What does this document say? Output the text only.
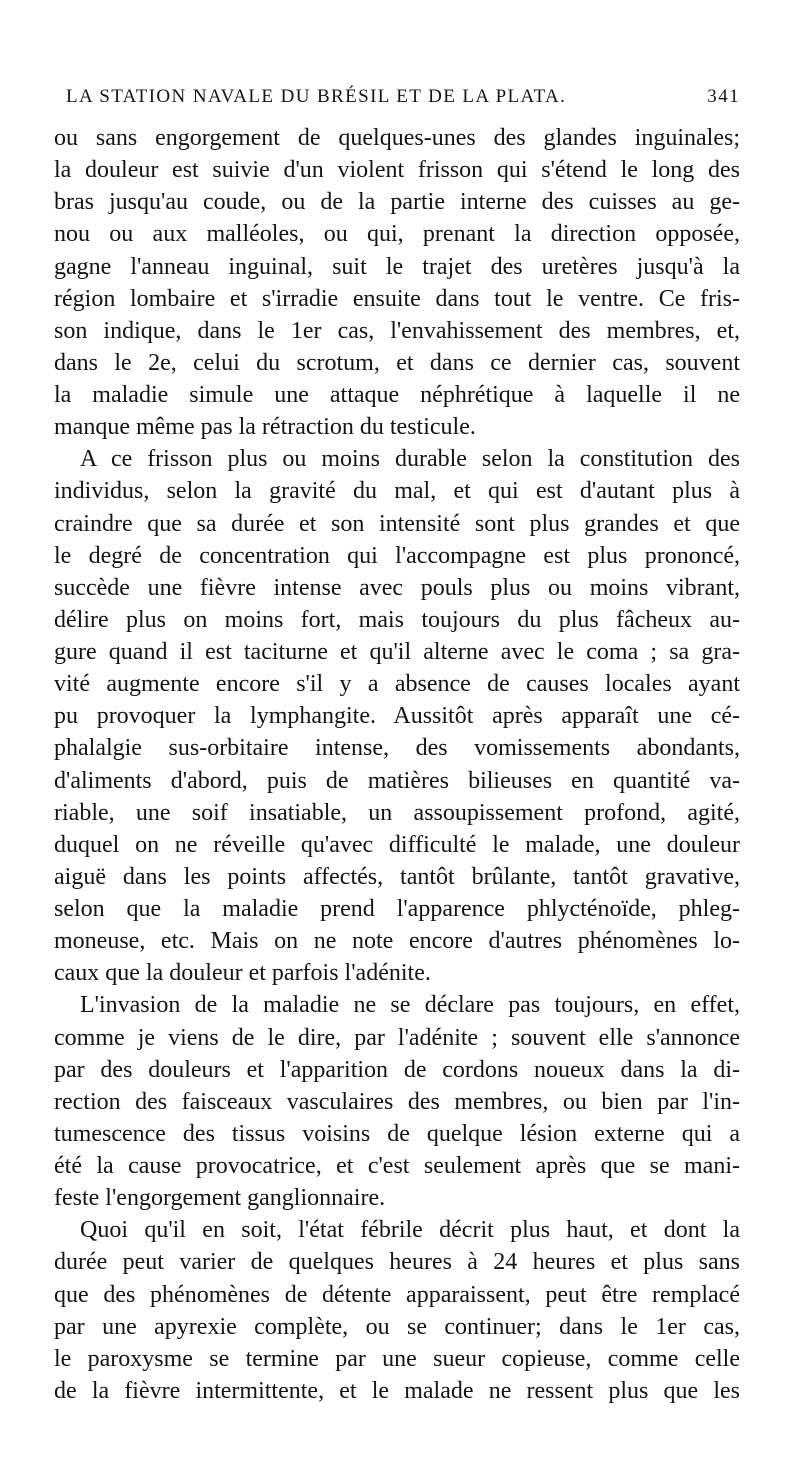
LA STATION NAVALE DU BRÉSIL ET DE LA PLATA.	341
ou sans engorgement de quelques-unes des glandes inguinales;
la douleur est suivie d'un violent frisson qui s'étend le long des
bras jusqu'au coude, ou de la partie interne des cuisses au ge-
nou ou aux malléoles, ou qui, prenant la direction opposée,
gagne l'anneau inguinal, suit le trajet des uretères jusqu'à la
région lombaire et s'irradie ensuite dans tout le ventre. Ce fris-
son indique, dans le 1er cas, l'envahissement des membres, et,
dans le 2e, celui du scrotum, et dans ce dernier cas, souvent
la maladie simule une attaque néphrétique à laquelle il ne
manque même pas la rétraction du testicule.
A ce frisson plus ou moins durable selon la constitution des
individus, selon la gravité du mal, et qui est d'autant plus à
craindre que sa durée et son intensité sont plus grandes et que
le degré de concentration qui l'accompagne est plus prononcé,
succède une fièvre intense avec pouls plus ou moins vibrant,
délire plus on moins fort, mais toujours du plus fâcheux au-
gure quand il est taciturne et qu'il alterne avec le coma ; sa gra-
vité augmente encore s'il y a absence de causes locales ayant
pu provoquer la lymphangite. Aussitôt après apparaît une cé-
phalalgie sus-orbitaire intense, des vomissements abondants,
d'aliments d'abord, puis de matières bilieuses en quantité va-
riable, une soif insatiable, un assoupissement profond, agité,
duquel on ne réveille qu'avec difficulté le malade, une douleur
aiguë dans les points affectés, tantôt brûlante, tantôt gravative,
selon que la maladie prend l'apparence phlycténoïde, phleg-
moneuse, etc. Mais on ne note encore d'autres phénomènes lo-
caux que la douleur et parfois l'adénite.
L'invasion de la maladie ne se déclare pas toujours, en effet,
comme je viens de le dire, par l'adénite ; souvent elle s'annonce
par des douleurs et l'apparition de cordons noueux dans la di-
rection des faisceaux vasculaires des membres, ou bien par l'in-
tumescence des tissus voisins de quelque lésion externe qui a
été la cause provocatrice, et c'est seulement après que se mani-
feste l'engorgement ganglionnaire.
Quoi qu'il en soit, l'état fébrile décrit plus haut, et dont la
durée peut varier de quelques heures à 24 heures et plus sans
que des phénomènes de détente apparaissent, peut être remplacé
par une apyrexie complète, ou se continuer; dans le 1er cas,
le paroxysme se termine par une sueur copieuse, comme celle
de la fièvre intermittente, et le malade ne ressent plus que les
